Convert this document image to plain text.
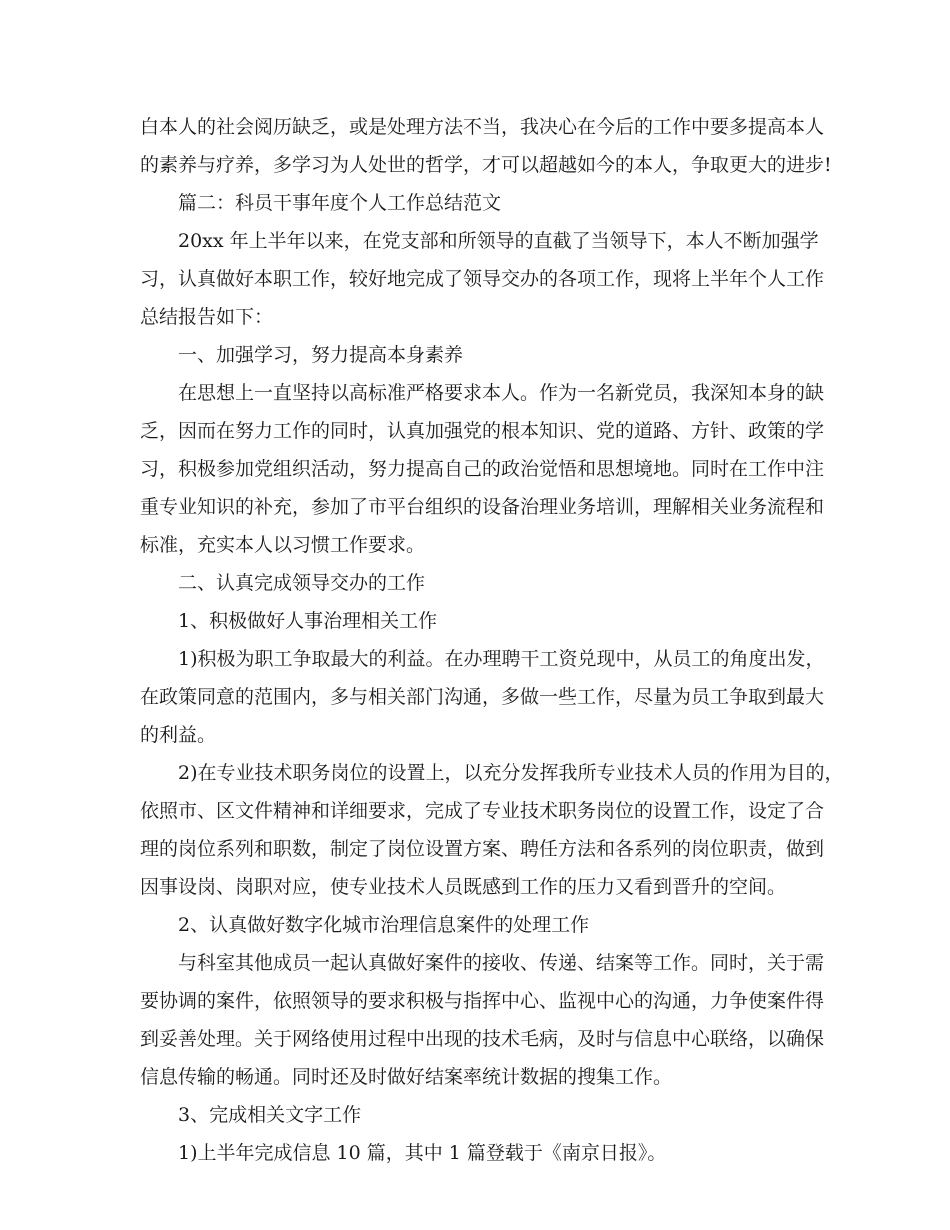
白本人的社会阅历缺乏，或是处理方法不当，我决心在今后的工作中要多提高本人

的素养与疗养，多学习为人处世的哲学，才可以超越如今的本人，争取更大的进步!

篇二：科员干事年度个人工作总结范文

20xx 年上半年以来，在党支部和所领导的直截了当领导下，本人不断加强学

习，认真做好本职工作，较好地完成了领导交办的各项工作，现将上半年个人工作

总结报告如下：

一、加强学习，努力提高本身素养

在思想上一直坚持以高标准严格要求本人。作为一名新党员，我深知本身的缺

乏，因而在努力工作的同时，认真加强党的根本知识、党的道路、方针、政策的学

习，积极参加党组织活动，努力提高自己的政治觉悟和思想境地。同时在工作中注

重专业知识的补充，参加了市平台组织的设备治理业务培训，理解相关业务流程和

标准，充实本人以习惯工作要求。

二、认真完成领导交办的工作

1、积极做好人事治理相关工作

1)积极为职工争取最大的利益。在办理聘干工资兑现中，从员工的角度出发，

在政策同意的范围内，多与相关部门沟通，多做一些工作，尽量为员工争取到最大

的利益。

2)在专业技术职务岗位的设置上，以充分发挥我所专业技术人员的作用为目的，

依照市、区文件精神和详细要求，完成了专业技术职务岗位的设置工作，设定了合

理的岗位系列和职数，制定了岗位设置方案、聘任方法和各系列的岗位职责，做到

因事设岗、岗职对应，使专业技术人员既感到工作的压力又看到晋升的空间。

2、认真做好数字化城市治理信息案件的处理工作

与科室其他成员一起认真做好案件的接收、传递、结案等工作。同时，关于需

要协调的案件，依照领导的要求积极与指挥中心、监视中心的沟通，力争使案件得

到妥善处理。关于网络使用过程中出现的技术毛病，及时与信息中心联络，以确保

信息传输的畅通。同时还及时做好结案率统计数据的搜集工作。

3、完成相关文字工作

1)上半年完成信息 10 篇，其中 1 篇登载于《南京日报》。
